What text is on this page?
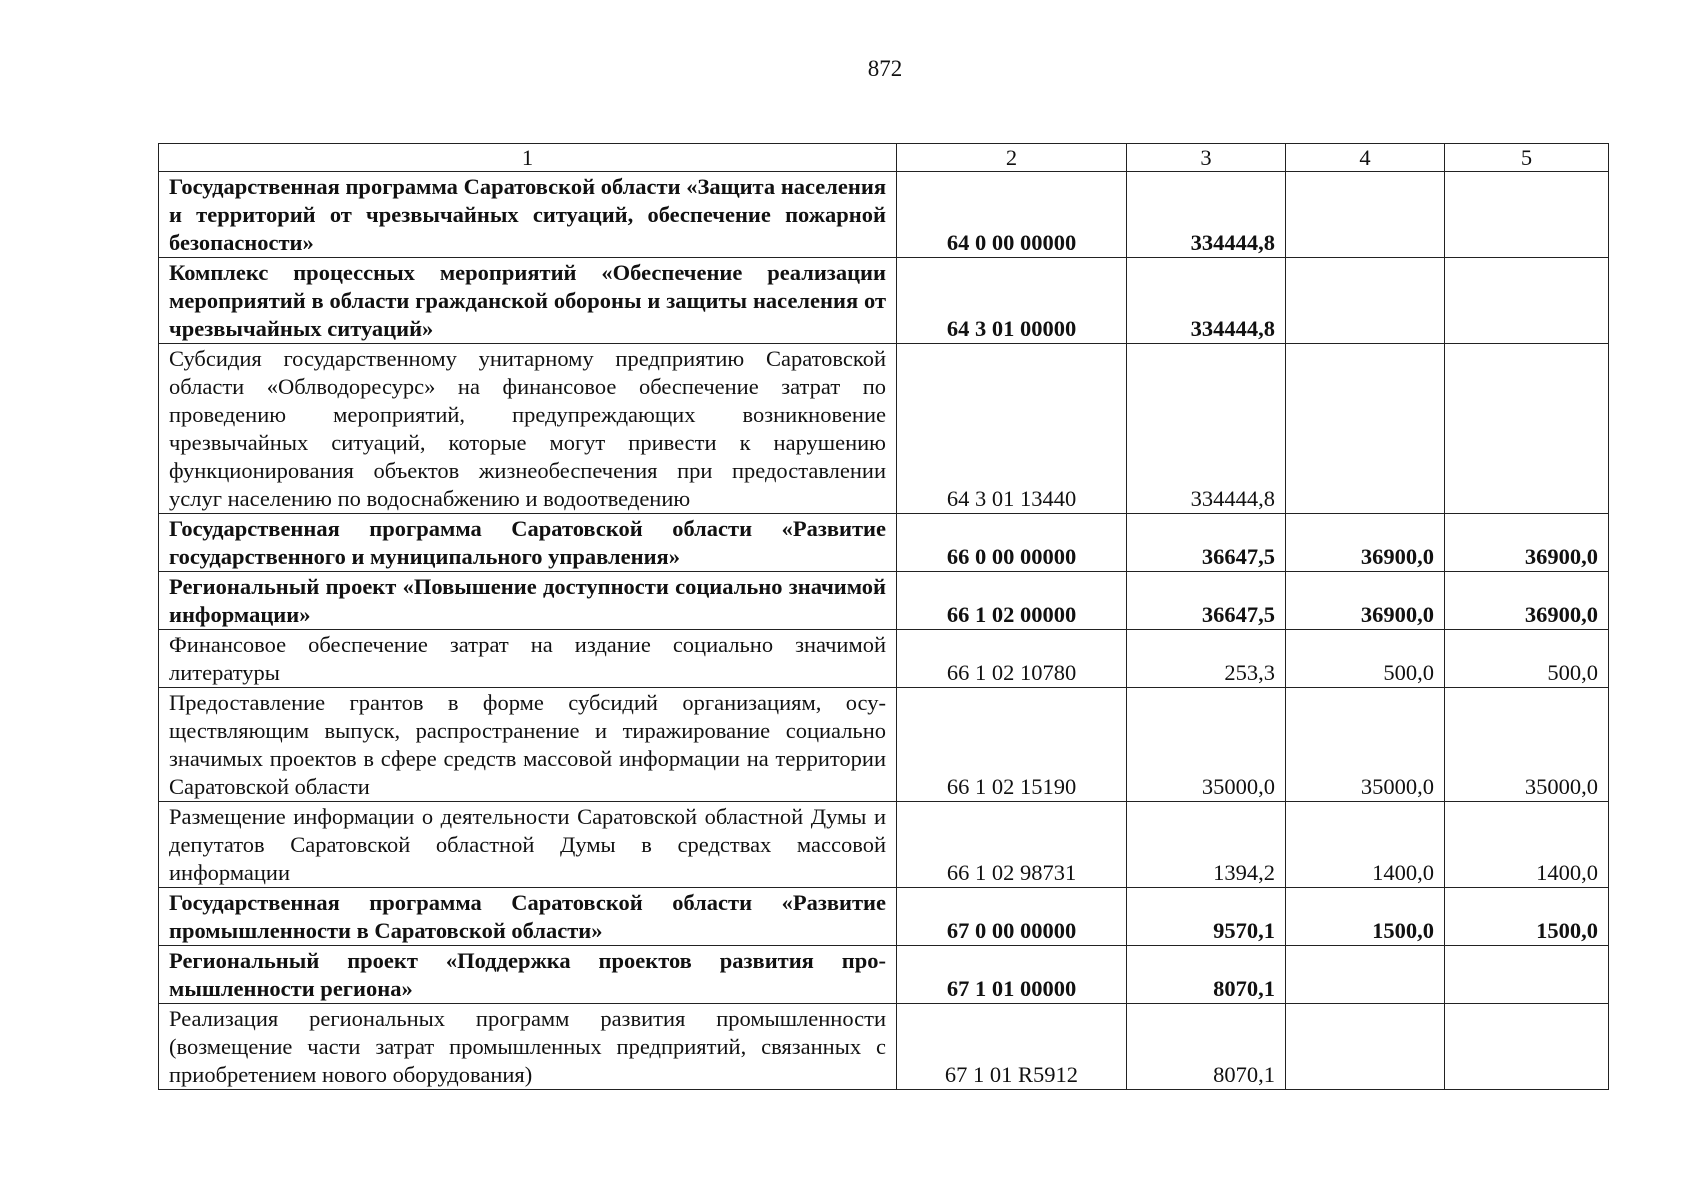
872
1	2	3	4	5
Государственная программа Саратовской области «Защита населения и территорий от чрезвычайных ситуаций, обеспечение пожарной безопасности»	64 0 00 00000	334444,8		
Комплекс процессных мероприятий «Обеспечение реализации мероприятий в области гражданской обороны и защиты населения от чрезвычайных ситуаций»	64 3 01 00000	334444,8		
Субсидия государственному унитарному предприятию Саратовской области «Облводоресурс» на финансовое обеспечение затрат по проведению мероприятий, предупреждающих возникновение чрезвычайных ситуаций, которые могут привести к нарушению функционирования объектов жизнеобеспечения при предоставлении услуг населению по водоснабжению и водоотведению	64 3 01 13440	334444,8		
Государственная программа Саратовской области «Развитие государственного и муниципального управления»	66 0 00 00000	36647,5	36900,0	36900,0
Региональный проект «Повышение доступности социально значимой информации»	66 1 02 00000	36647,5	36900,0	36900,0
Финансовое обеспечение затрат на издание социально значимой литературы	66 1 02 10780	253,3	500,0	500,0
Предоставление грантов в форме субсидий организациям, осуществляющим выпуск, распространение и тиражирование социально значимых проектов в сфере средств массовой информации на территории Саратовской области	66 1 02 15190	35000,0	35000,0	35000,0
Размещение информации о деятельности Саратовской областной Думы и депутатов Саратовской областной Думы в средствах массовой информации	66 1 02 98731	1394,2	1400,0	1400,0
Государственная программа Саратовской области «Развитие промышленности в Саратовской области»	67 0 00 00000	9570,1	1500,0	1500,0
Региональный проект «Поддержка проектов развития промышленности региона»	67 1 01 00000	8070,1		
Реализация региональных программ развития промышленности (возмещение части затрат промышленных предприятий, связанных с приобретением нового оборудования)	67 1 01 R5912	8070,1		
